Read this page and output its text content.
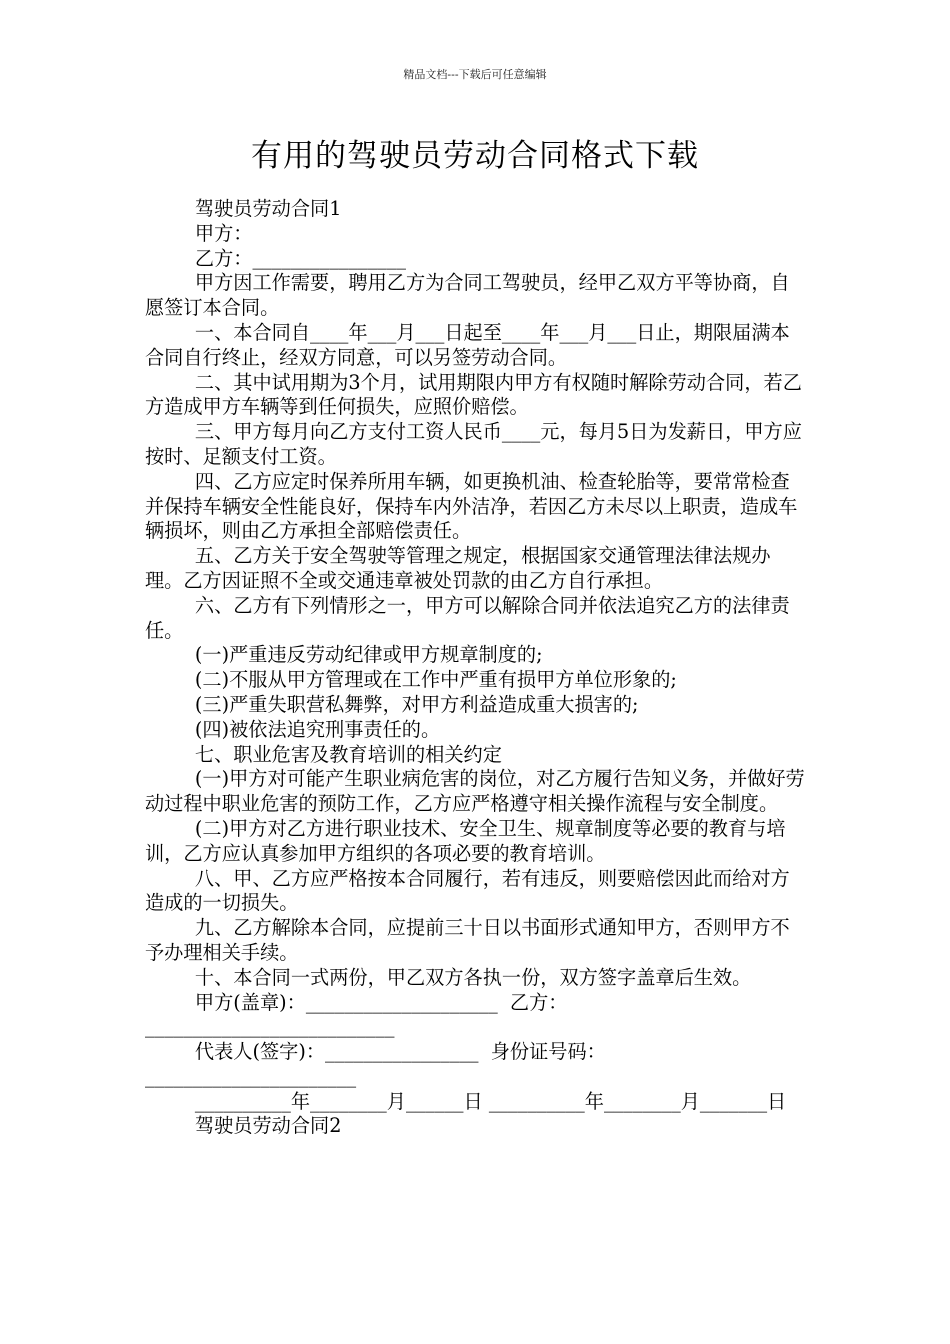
精品文档---下载后可任意编辑
有用的驾驶员劳动合同格式下载

驾驶员劳动合同1

甲方：

乙方：________________

甲方因工作需要，聘用乙方为合同工驾驶员，经甲乙双方平等协商，自愿签订本合同。

一、本合同自____年___月___日起至____年___月___日止，期限届满本合同自行终止，经双方同意，可以另签劳动合同。

二、其中试用期为3个月，试用期限内甲方有权随时解除劳动合同，若乙方造成甲方车辆等到任何损失，应照价赔偿。

三、甲方每月向乙方支付工资人民币____元，每月5日为发薪日，甲方应按时、足额支付工资。

四、乙方应定时保养所用车辆，如更换机油、检查轮胎等，要常常检查并保持车辆安全性能良好，保持车内外洁净，若因乙方未尽以上职责，造成车辆损坏，则由乙方承担全部赔偿责任。

五、乙方关于安全驾驶等管理之规定，根据国家交通管理法律法规办理。乙方因证照不全或交通违章被处罚款的由乙方自行承担。

六、乙方有下列情形之一，甲方可以解除合同并依法追究乙方的法律责任。

(一)严重违反劳动纪律或甲方规章制度的;

(二)不服从甲方管理或在工作中严重有损甲方单位形象的;

(三)严重失职营私舞弊，对甲方利益造成重大损害的;

(四)被依法追究刑事责任的。

七、职业危害及教育培训的相关约定

(一)甲方对可能产生职业病危害的岗位，对乙方履行告知义务，并做好劳动过程中职业危害的预防工作，乙方应严格遵守相关操作流程与安全制度。

(二)甲方对乙方进行职业技术、安全卫生、规章制度等必要的教育与培训，乙方应认真参加甲方组织的各项必要的教育培训。

八、甲、乙方应严格按本合同履行，若有违反，则要赔偿因此而给对方造成的一切损失。

九、乙方解除本合同，应提前三十日以书面形式通知甲方，否则甲方不予办理相关手续。

十、本合同一式两份，甲乙双方各执一份，双方签字盖章后生效。

甲方(盖章)：____________________  乙方：__________________________

代表人(签字)：________________  身份证号码：______________________

__________年________月______日 __________年________月_______日

驾驶员劳动合同2
